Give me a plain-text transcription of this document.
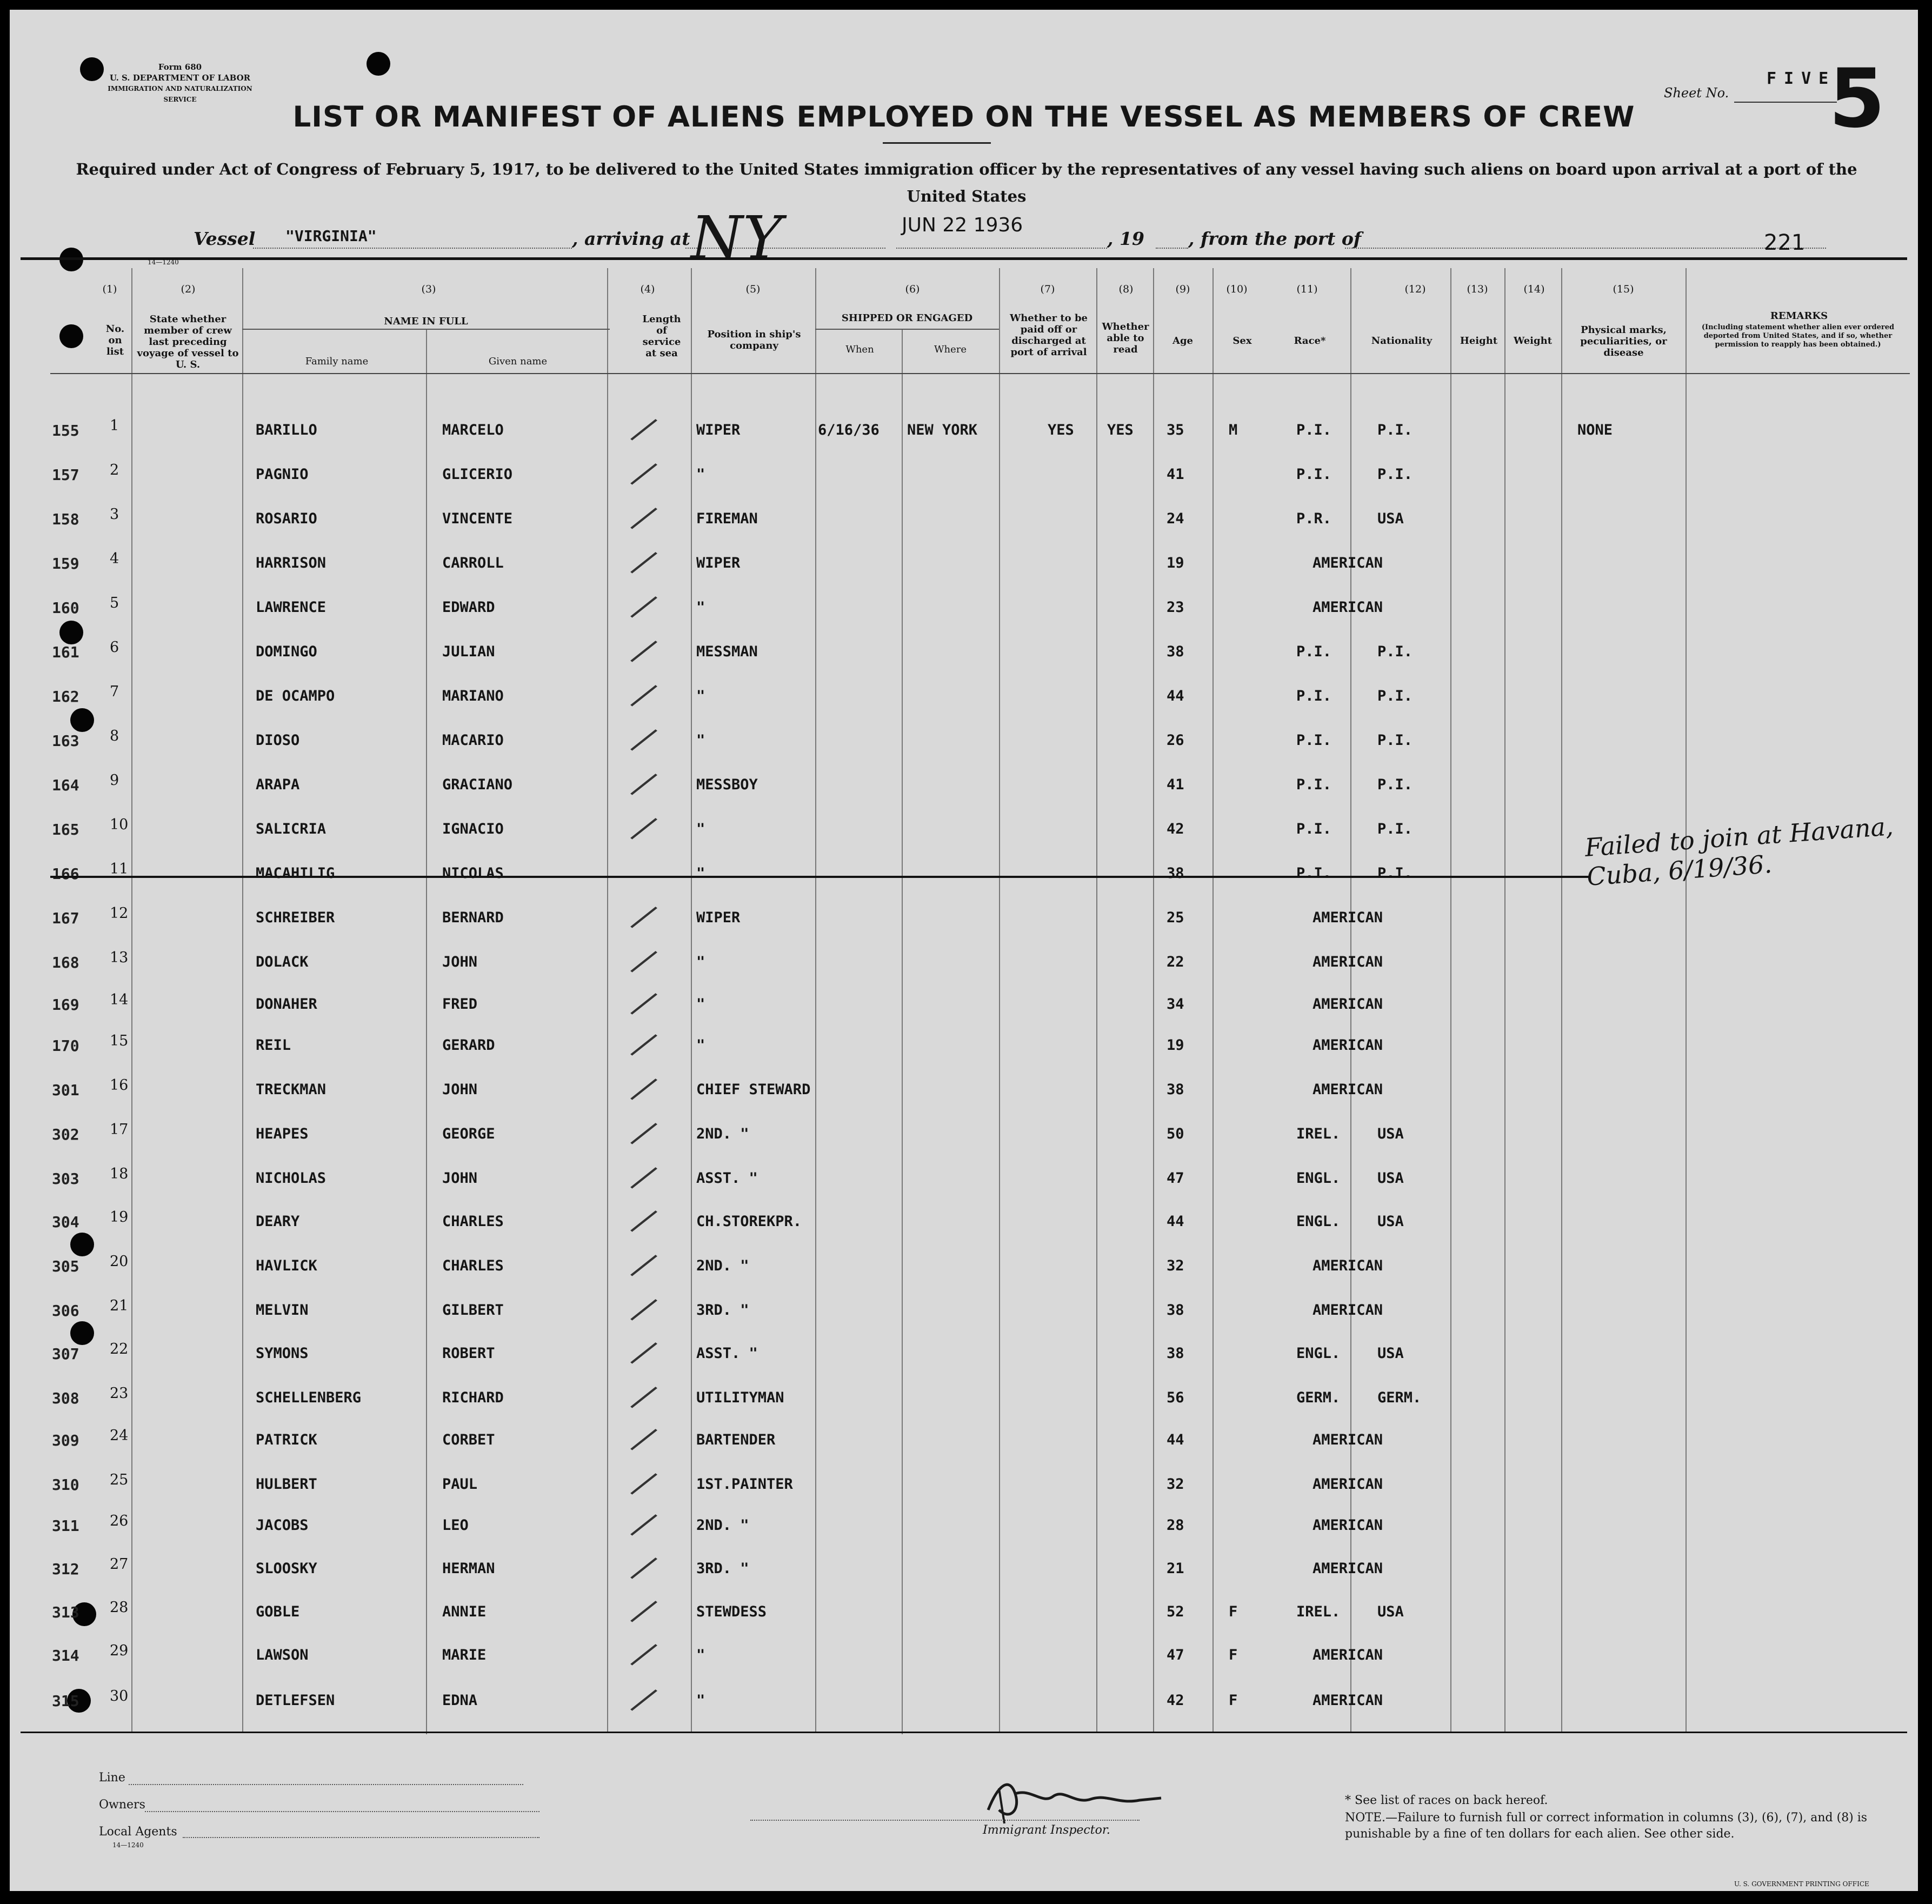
Form 680
U. S. DEPARTMENT OF LABOR
IMMIGRATION AND NATURALIZATION SERVICE	Sheet No.
FIVE
5
LIST OR MANIFEST OF ALIENS EMPLOYED ON THE VESSEL AS MEMBERS OF CREW
Required under Act of Congress of February 5, 1917, to be delivered to the United States immigration officer by the representatives of any vessel having such aliens on board upon arrival at a port of the United States
Vessel "VIRGINIA"	, arriving at NY	JUN 22 1936
, 19 , from the port of	221
14—1240
(1)	(2)	(3)	(4)	(5)	(6)	(7)	(8)	(9)	(10)	(11)	(12)	(13)	(14)	(15)
No. on list
State whether member of crew last preceding voyage of vessel to U. S.
NAME IN FULL
Family name	Given name
Length of service at sea
Position in ship's company
SHIPPED OR ENGAGED
When	Where
Whether to be paid off or discharged at port of arrival
Whether able to read
Age	Sex	Race*	Nationality	Height	Weight
Physical marks, peculiarities, or disease
REMARKS
(Including statement whether alien ever ordered deported from United States, and if so, whether permission to reapply has been obtained.)
155 1	BARILLO	MARCELO	WIPER	6/16/36 NEW YORK	YES YES 35	M	P.I.	P.I.	NONE
/
157 2	PAGNIO	GLICERIO	"	41	P.I.	P.I.
/
158 3	ROSARIO	VINCENTE	FIREMAN	24	P.R.	USA
/
159 4	HARRISON	CARROLL	WIPER	19	AMERICAN
/
160 5	LAWRENCE	EDWARD	"	23	AMERICAN
/
161 6	DOMINGO	JULIAN	MESSMAN	38	P.I.	P.I.
/
162 7	DE OCAMPO	MARIANO	"	44	P.I.	P.I.
/
163 8	DIOSO	MACARIO	"	26	P.I.	P.I.
/
164 9	ARAPA	GRACIANO	MESSBOY	41	P.I.	P.I.
/
165 10	SALICRIA	IGNACIO	"	42	P.I.	P.I.
/
166 11	MACAHILIG	NICOLAS	"	38	P.I.	P.I.
167 12	SCHREIBER	BERNARD	WIPER	25	AMERICAN
/
168 13	DOLACK	JOHN	"	22	AMERICAN
/
169 14	DONAHER	FRED	"	34	AMERICAN
/
170 15	REIL	GERARD	"	19	AMERICAN
/
301 16	TRECKMAN	JOHN	CHIEF STEWARD	38	AMERICAN
/
302 17	HEAPES	GEORGE	2ND. "	50	IREL.	USA
/
303 18	NICHOLAS	JOHN	ASST. "	47	ENGL.	USA
/
304 19	DEARY	CHARLES	CH.STOREKPR.	44	ENGL.	USA
/
305 20	HAVLICK	CHARLES	2ND. "	32	AMERICAN
/
306 21	MELVIN	GILBERT	3RD. "	38	AMERICAN
/
307 22	SYMONS	ROBERT	ASST. "	38	ENGL.	USA
/
308 23	SCHELLENBERG	RICHARD	UTILITYMAN	56	GERM.	GERM.
/
309 24	PATRICK	CORBET	BARTENDER	44	AMERICAN
/
310 25	HULBERT	PAUL	1ST.PAINTER	32	AMERICAN
/
311 26	JACOBS	LEO	2ND. "	28	AMERICAN
/
312 27	SLOOSKY	HERMAN	3RD. "	21	AMERICAN
/
313 28	GOBLE	ANNIE	STEWDESS	52	F	IREL.	USA
/
314 29	LAWSON	MARIE	"	47	F	AMERICAN
/
315 30	DETLEFSEN	EDNA	"	42	F	AMERICAN
/
Failed to join at Havana, Cuba, 6/19/36.
Line
Owners
Local Agents
14—1240
Immigrant Inspector.
* See list of races on back hereof.
NOTE.—Failure to furnish full or correct information in columns (3), (6), (7), and (8) is punishable by a fine of ten dollars for each alien. See other side.
U. S. GOVERNMENT PRINTING OFFICE
